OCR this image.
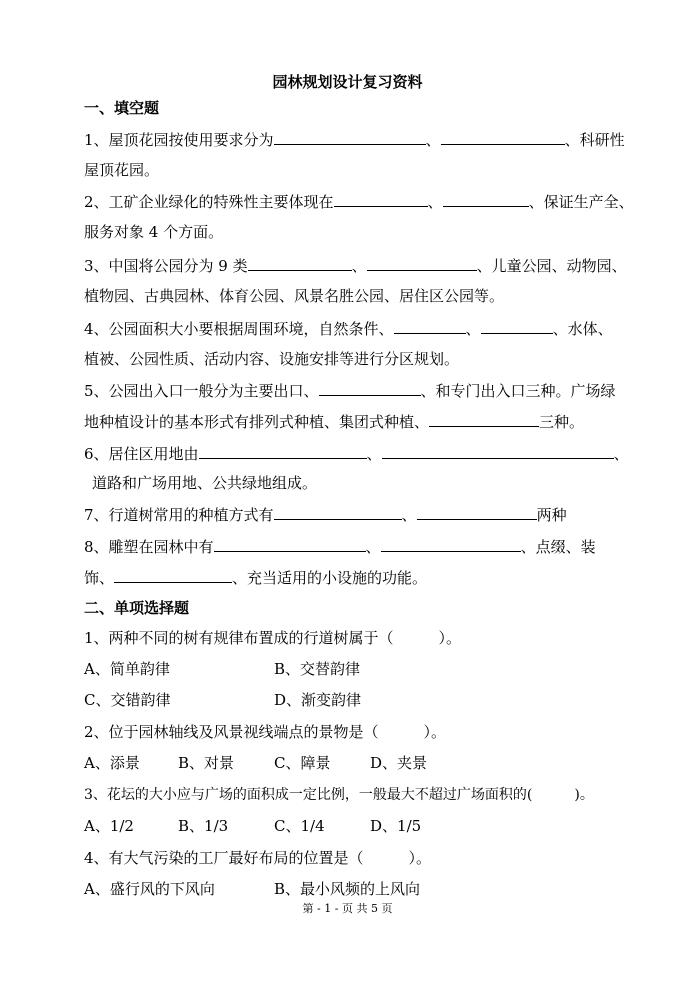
园林规划设计复习资料
一、填空题
1、屋顶花园按使用要求分为	、	、科研性
屋顶花园。
2、工矿企业绿化的特殊性主要体现在	、	、保证生产全、
服务对象 4 个方面。
3、中国将公园分为 9 类	、	、儿童公园、动物园、
植物园、古典园林、体育公园、风景名胜公园、居住区公园等。
4、公园面积大小要根据周围环境，自然条件、	、	、水体、
植被、公园性质、活动内容、设施安排等进行分区规划。
5、公园出入口一般分为主要出口、	、和专门出入口三种。广场绿
地种植设计的基本形式有排列式种植、集团式种植、	三种。
6、居住区用地由	、	、
道路和广场用地、公共绿地组成。
7、行道树常用的种植方式有	、	两种
8、雕塑在园林中有	、	、点缀、装
饰、	、充当适用的小设施的功能。
二、单项选择题
1、两种不同的树有规律布置成的行道树属于（　　　）。
A、简单韵律	B、交替韵律
C、交错韵律	D、渐变韵律
2、位于园林轴线及风景视线端点的景物是（　　　）。
A、添景	B、对景	C、障景	D、夹景
3、花坛的大小应与广场的面积成一定比例，一般最大不超过广场面积的(　　　)。
A、1/2	B、1/3	C、1/4	D、1/5
4、有大气污染的工厂最好布局的位置是（　　　）。
A、盛行风的下风向	B、最小风频的上风向
第 - 1 - 页 共 5 页
